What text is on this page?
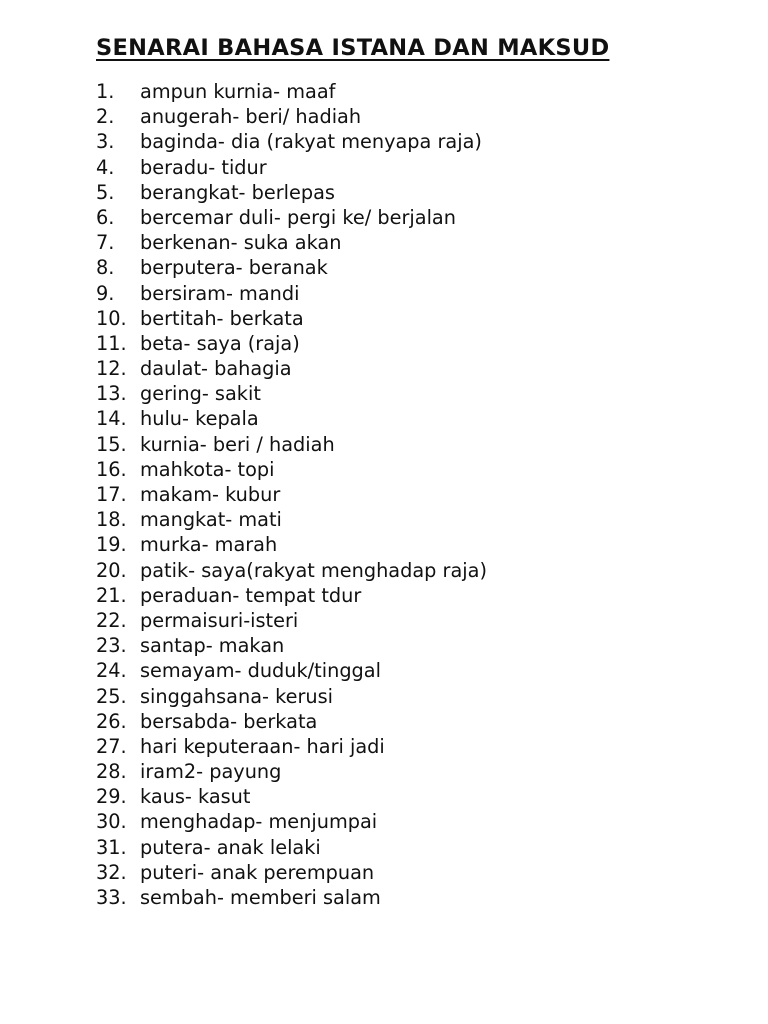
SENARAI BAHASA ISTANA DAN MAKSUD
1.	ampun kurnia- maaf
2.	anugerah- beri/ hadiah
3.	baginda- dia (rakyat menyapa raja)
4.	beradu- tidur
5.	berangkat- berlepas
6.	bercemar duli- pergi ke/ berjalan
7.	berkenan- suka akan
8.	berputera- beranak
9.	bersiram- mandi
10. bertitah- berkata
11. beta- saya (raja)
12. daulat- bahagia
13. gering- sakit
14. hulu- kepala
15. kurnia- beri / hadiah
16. mahkota- topi
17. makam- kubur
18. mangkat- mati
19. murka- marah
20. patik- saya(rakyat menghadap raja)
21. peraduan- tempat tdur
22. permaisuri-isteri
23. santap- makan
24. semayam- duduk/tinggal
25. singgahsana- kerusi
26. bersabda- berkata
27. hari keputeraan- hari jadi
28. iram2- payung
29. kaus- kasut
30. menghadap- menjumpai
31. putera- anak lelaki
32. puteri- anak perempuan
33. sembah- memberi salam
